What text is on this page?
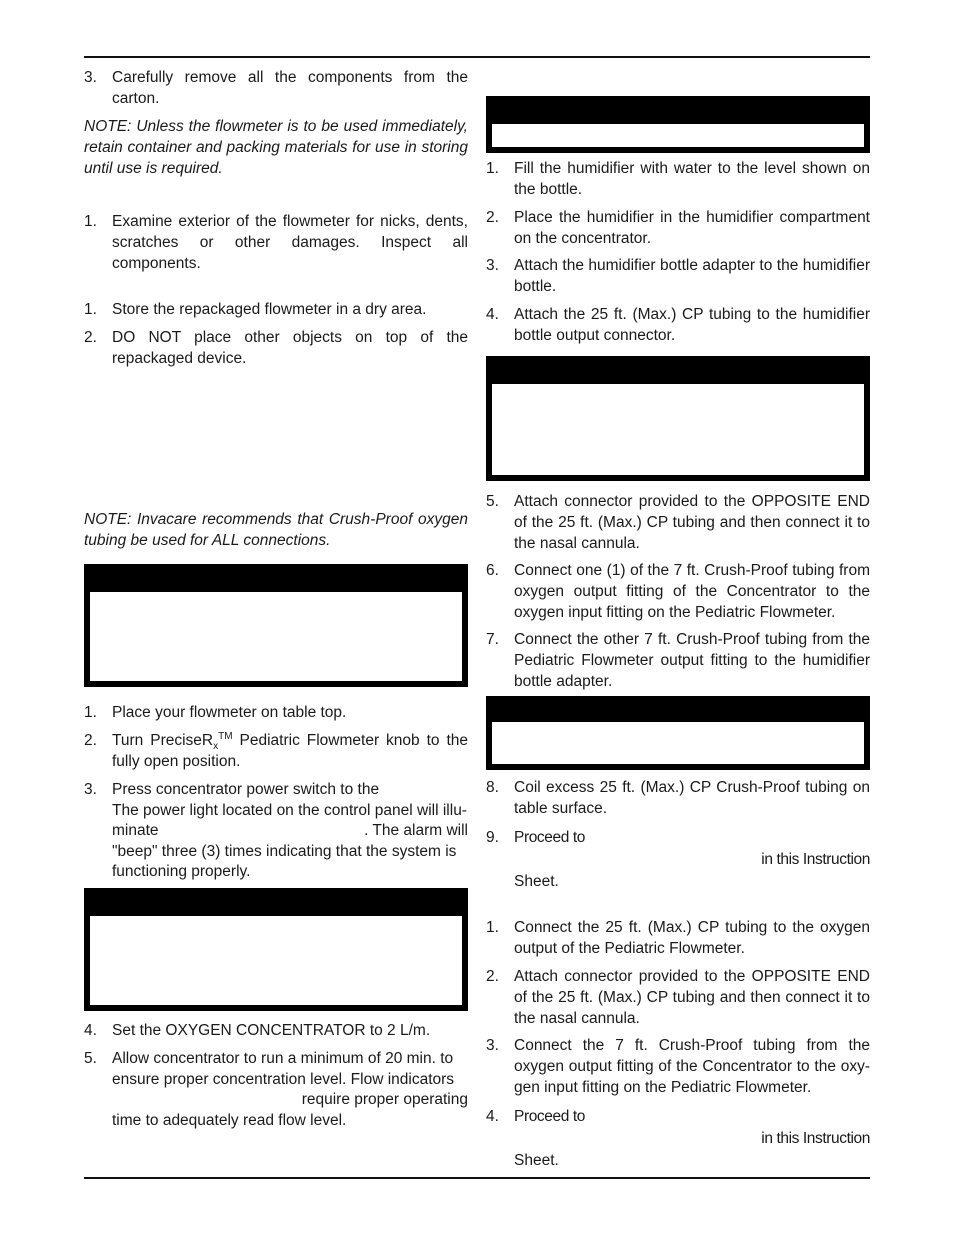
3. Carefully remove all the components from the carton.
NOTE: Unless the flowmeter is to be used immediately, retain container and packing materials for use in storing until use is required.
1. Examine exterior of the flowmeter for nicks, dents, scratches or other damages. Inspect all components.
1. Store the repackaged flowmeter in a dry area.
2. DO NOT place other objects on top of the repackaged device.
NOTE: Invacare recommends that Crush-Proof oxygen tubing be used for ALL connections.
1. Place your flowmeter on table top.
2. Turn PreciseR$_x$™ Pediatric Flowmeter knob to the fully open position.
3. Press concentrator power switch to the
The power light located on the control panel will illu-
minate	. The alarm will
"beep" three (3) times indicating that the system is
functioning properly.
4. Set the OXYGEN CONCENTRATOR to 2 L/m.
5. Allow concentrator to run a minimum of 20 min. to
ensure proper concentration level. Flow indicators
require proper operating
time to adequately read flow level.
1. Fill the humidifier with water to the level shown on the bottle.
2. Place the humidifier in the humidifier compartment on the concentrator.
3. Attach the humidifier bottle adapter to the humidifier bottle.
4. Attach the 25 ft. (Max.) CP tubing to the humidifier bottle output connector.
5. Attach connector provided to the OPPOSITE END of the 25 ft. (Max.) CP tubing and then connect it to the nasal cannula.
6. Connect one (1) of the 7 ft. Crush-Proof tubing from oxygen output fitting of the Concentrator to the oxygen input fitting on the Pediatric Flowmeter.
7. Connect the other 7 ft. Crush-Proof tubing from the Pediatric Flowmeter output fitting to the humidifier bottle adapter.
8. Coil excess 25 ft. (Max.) CP Crush-Proof tubing on table surface.
9. Proceed to
in this Instruction
Sheet.
1. Connect the 25 ft. (Max.) CP tubing to the oxygen output of the Pediatric Flowmeter.
2. Attach connector provided to the OPPOSITE END of the 25 ft. (Max.) CP tubing and then connect it to the nasal cannula.
3. Connect the 7 ft. Crush-Proof tubing from the oxygen output fitting of the Concentrator to the oxy-gen input fitting on the Pediatric Flowmeter.
4. Proceed to
in this Instruction
Sheet.
